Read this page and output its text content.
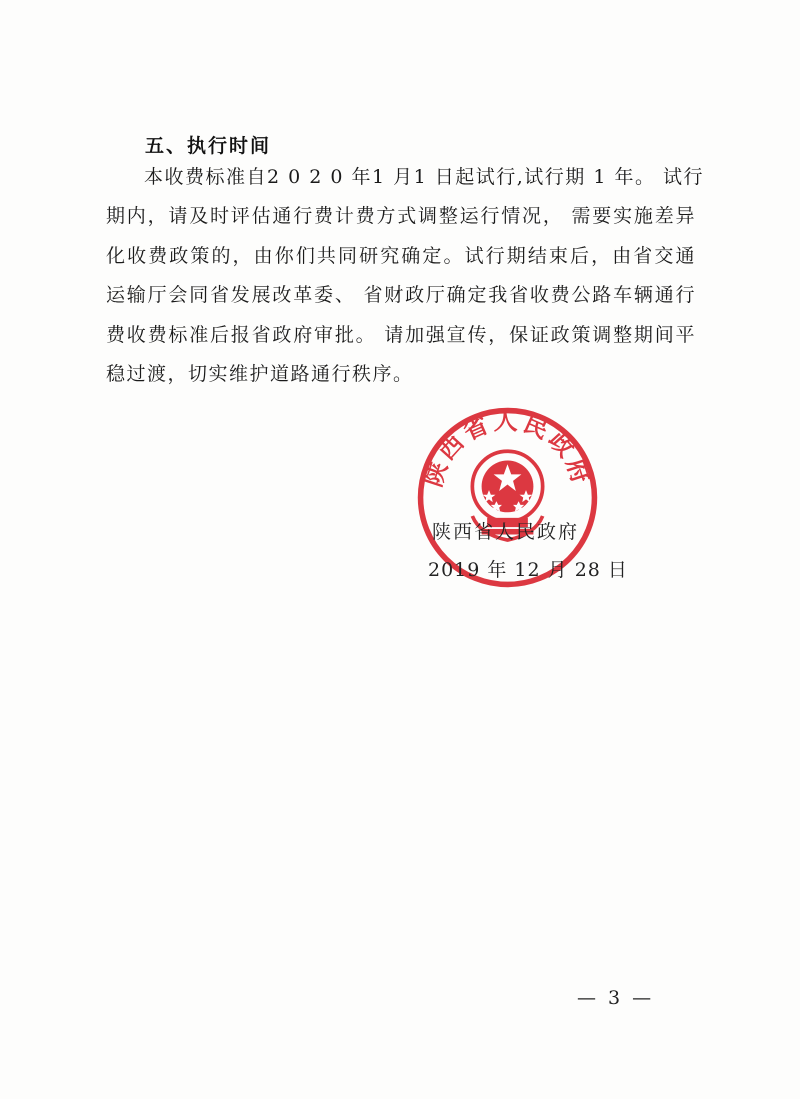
五、执行时间
本收费标准自2 0 2 0 年1 月1 日起试行,试行期 1 年。 试行
期内，请及时评估通行费计费方式调整运行情况， 需要实施差异
化收费政策的，由你们共同研究确定。试行期结束后，由省交通
运输厅会同省发展改革委、 省财政厅确定我省收费公路车辆通行
费收费标准后报省政府审批。 请加强宣传，保证政策调整期间平
稳过渡，切实维护道路通行秩序。
陕西省人民政府
陕西省人民政府
2019 年 12 月 28 日
— 3 —
